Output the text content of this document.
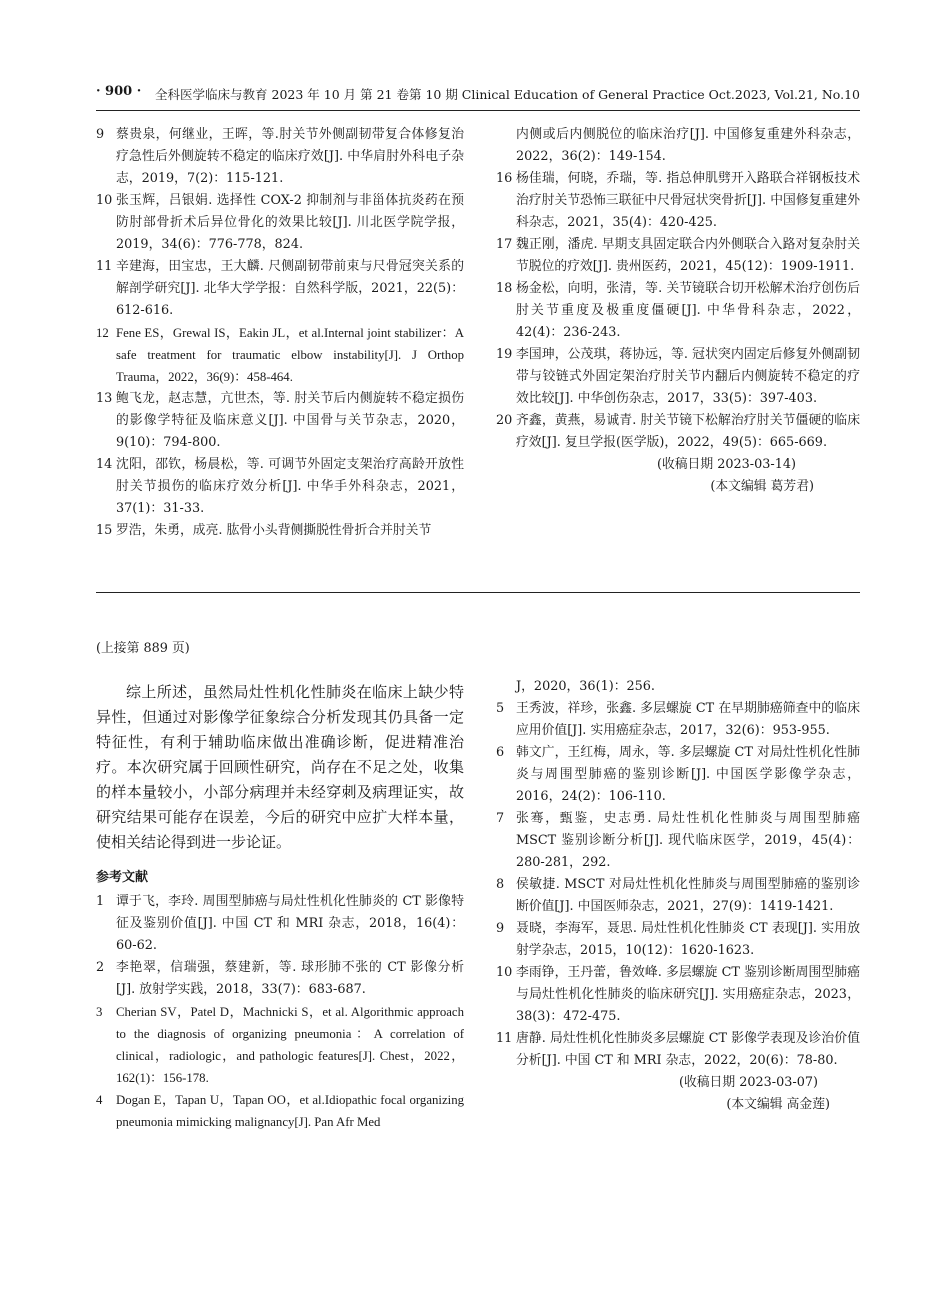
· 900 · 全科医学临床与教育 2023 年 10 月 第 21 卷第 10 期 Clinical Education of General Practice Oct.2023, Vol.21, No.10
9 蔡贵泉，何继业，王晖，等.肘关节外侧副韧带复合体修复治疗急性后外侧旋转不稳定的临床疗效[J]. 中华肩肘外科电子杂志，2019，7(2)：115-121.
10 张玉辉，吕银娟. 选择性 COX-2 抑制剂与非甾体抗炎药在预防肘部骨折术后异位骨化的效果比较[J]. 川北医学院学报，2019，34(6)：776-778，824.
11 辛建海，田宝忠，王大麟. 尺侧副韧带前束与尺骨冠突关系的解剖学研究[J]. 北华大学学报：自然科学版，2021，22(5)：612-616.
12 Fene ES，Grewal IS，Eakin JL，et al.Internal joint stabilizer：A safe treatment for traumatic elbow instability[J]. J Orthop Trauma，2022，36(9)：458-464.
13 鲍飞龙，赵志慧，亢世杰，等. 肘关节后内侧旋转不稳定损伤的影像学特征及临床意义[J]. 中国骨与关节杂志，2020，9(10)：794-800.
14 沈阳，邵钦，杨晨松，等. 可调节外固定支架治疗高龄开放性肘关节损伤的临床疗效分析[J]. 中华手外科杂志，2021，37(1)：31-33.
15 罗浩，朱勇，成亮. 肱骨小头背侧撕脱性骨折合并肘关节
内侧或后内侧脱位的临床治疗[J]. 中国修复重建外科杂志，2022，36(2)：149-154.
16 杨佳瑞，何晓，乔瑞，等. 指总伸肌劈开入路联合祥钢板技术治疗肘关节恐怖三联征中尺骨冠状突骨折[J]. 中国修复重建外科杂志，2021，35(4)：420-425.
17 魏正刚，潘虎. 早期支具固定联合内外侧联合入路对复杂肘关节脱位的疗效[J]. 贵州医药，2021，45(12)：1909-1911.
18 杨金松，向明，张清，等. 关节镜联合切开松解术治疗创伤后肘关节重度及极重度僵硬[J]. 中华骨科杂志，2022，42(4)：236-243.
19 李国珅，公茂琪，蒋协远，等. 冠状突内固定后修复外侧副韧带与铰链式外固定架治疗肘关节内翻后内侧旋转不稳定的疗效比较[J]. 中华创伤杂志，2017，33(5)：397-403.
20 齐鑫，黄燕，易诚青. 肘关节镜下松解治疗肘关节僵硬的临床疗效[J]. 复旦学报(医学版)，2022，49(5)：665-669.
(收稿日期 2023-03-14)
(本文编辑 葛芳君)
(上接第 889 页)

综上所述，虽然局灶性机化性肺炎在临床上缺少特异性，但通过对影像学征象综合分析发现其仍具备一定特征性，有利于辅助临床做出准确诊断，促进精准治疗。本次研究属于回顾性研究，尚存在不足之处，收集的样本量较小，小部分病理并未经穿刺及病理证实，故研究结果可能存在误差，今后的研究中应扩大样本量，使相关结论得到进一步论证。

参考文献
1 谭于飞，李玲. 周围型肺癌与局灶性机化性肺炎的 CT 影像特征及鉴别价值[J]. 中国 CT 和 MRI 杂志，2018，16(4)：60-62.
2 李艳翠，信瑞强，蔡建新，等. 球形肺不张的 CT 影像分析[J]. 放射学实践，2018，33(7)：683-687.
3 Cherian SV，Patel D，Machnicki S，et al. Algorithmic approach to the diagnosis of organizing pneumonia：A correlation of clinical，radiologic，and pathologic features[J]. Chest，2022，162(1)：156-178.
4 Dogan E，Tapan U，Tapan OO，et al.Idiopathic focal organizing pneumonia mimicking malignancy[J]. Pan Afr Med
J，2020，36(1)：256.
5 王秀波，祥珍，张鑫. 多层螺旋 CT 在早期肺癌筛查中的临床应用价值[J]. 实用癌症杂志，2017，32(6)：953-955.
6 韩文广，王红梅，周永，等. 多层螺旋 CT 对局灶性机化性肺炎与周围型肺癌的鉴别诊断[J]. 中国医学影像学杂志，2016，24(2)：106-110.
7 张骞，甄鉴，史志勇. 局灶性机化性肺炎与周围型肺癌 MSCT 鉴别诊断分析[J]. 现代临床医学，2019，45(4)：280-281，292.
8 侯敏捷. MSCT 对局灶性机化性肺炎与周围型肺癌的鉴别诊断价值[J]. 中国医师杂志，2021，27(9)：1419-1421.
9 聂晓，李海军，聂思. 局灶性机化性肺炎 CT 表现[J]. 实用放射学杂志，2015，10(12)：1620-1623.
10 李雨铮，王丹蕾，鲁效峰. 多层螺旋 CT 鉴别诊断周围型肺癌与局灶性机化性肺炎的临床研究[J]. 实用癌症杂志，2023，38(3)：472-475.
11 唐静. 局灶性机化性肺炎多层螺旋 CT 影像学表现及诊治价值分析[J]. 中国 CT 和 MRI 杂志，2022，20(6)：78-80.
(收稿日期 2023-03-07)
(本文编辑 高金莲)
